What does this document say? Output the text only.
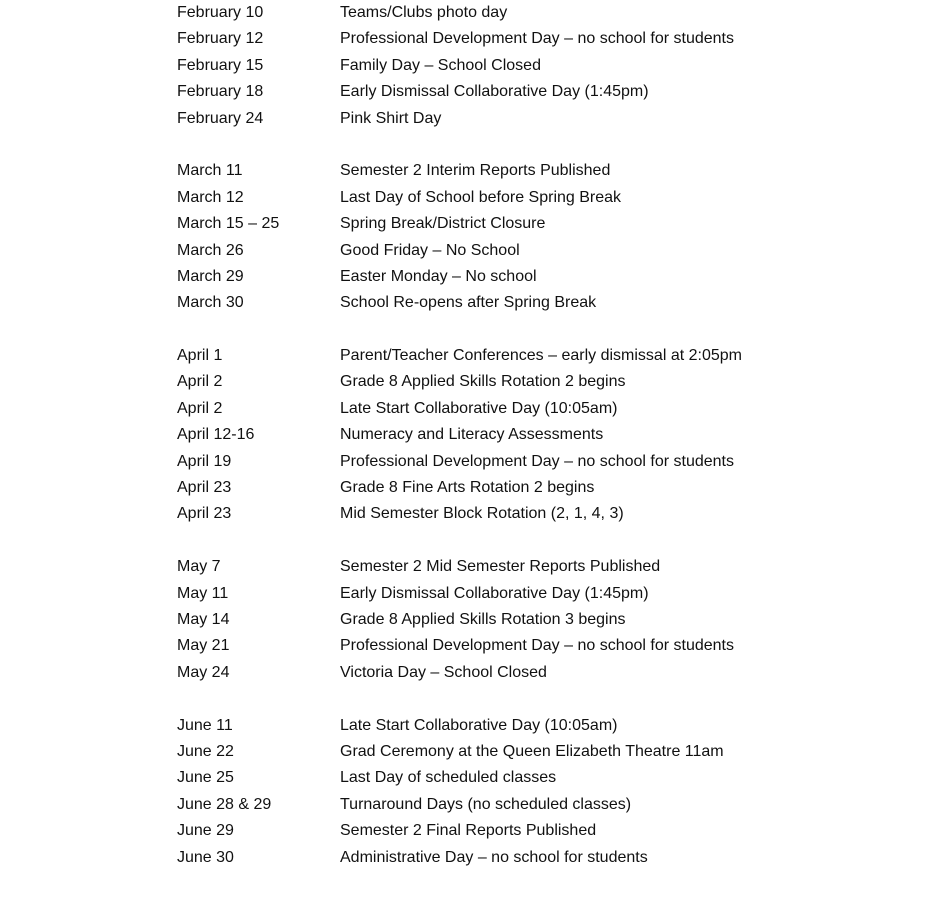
February 10	Teams/Clubs photo day
February 12	Professional Development Day – no school for students
February 15	Family Day – School Closed
February 18	Early Dismissal Collaborative Day (1:45pm)
February 24	Pink Shirt Day
March 11	Semester 2 Interim Reports Published
March 12	Last Day of School before Spring Break
March 15 – 25	Spring Break/District Closure
March 26	Good Friday – No School
March 29	Easter Monday – No school
March 30	School Re-opens after Spring Break
April 1	Parent/Teacher Conferences – early dismissal at 2:05pm
April 2	Grade 8 Applied Skills Rotation 2 begins
April 2	Late Start Collaborative Day (10:05am)
April 12-16	Numeracy and Literacy Assessments
April 19	Professional Development Day – no school for students
April 23	Grade 8 Fine Arts Rotation 2 begins
April 23	Mid Semester Block Rotation (2, 1, 4, 3)
May 7	Semester 2 Mid Semester Reports Published
May 11	Early Dismissal Collaborative Day (1:45pm)
May 14	Grade 8 Applied Skills Rotation 3 begins
May 21	Professional Development Day – no school for students
May 24	Victoria Day – School Closed
June 11	Late Start Collaborative Day (10:05am)
June 22	Grad Ceremony at the Queen Elizabeth Theatre 11am
June 25	Last Day of scheduled classes
June 28 & 29	Turnaround Days (no scheduled classes)
June 29	Semester 2 Final Reports Published
June 30	Administrative Day – no school for students
